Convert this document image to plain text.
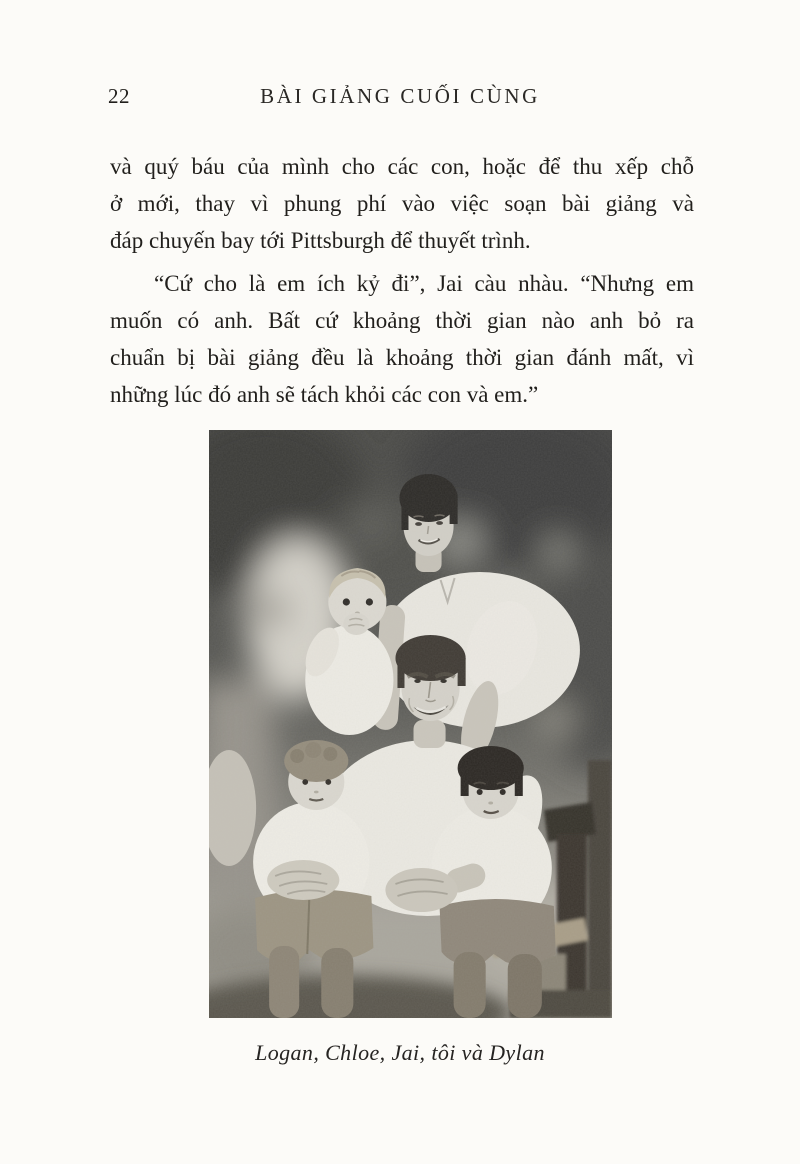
22	BÀI GIẢNG CUỐI CÙNG
và quý báu của mình cho các con, hoặc để thu xếp chỗ
ở mới, thay vì phung phí vào việc soạn bài giảng và
đáp chuyến bay tới Pittsburgh để thuyết trình.
“Cứ cho là em ích kỷ đi”, Jai càu nhàu. “Nhưng em
muốn có anh. Bất cứ khoảng thời gian nào anh bỏ ra
chuẩn bị bài giảng đều là khoảng thời gian đánh mất, vì
những lúc đó anh sẽ tách khỏi các con và em.”
Logan, Chloe, Jai, tôi và Dylan
